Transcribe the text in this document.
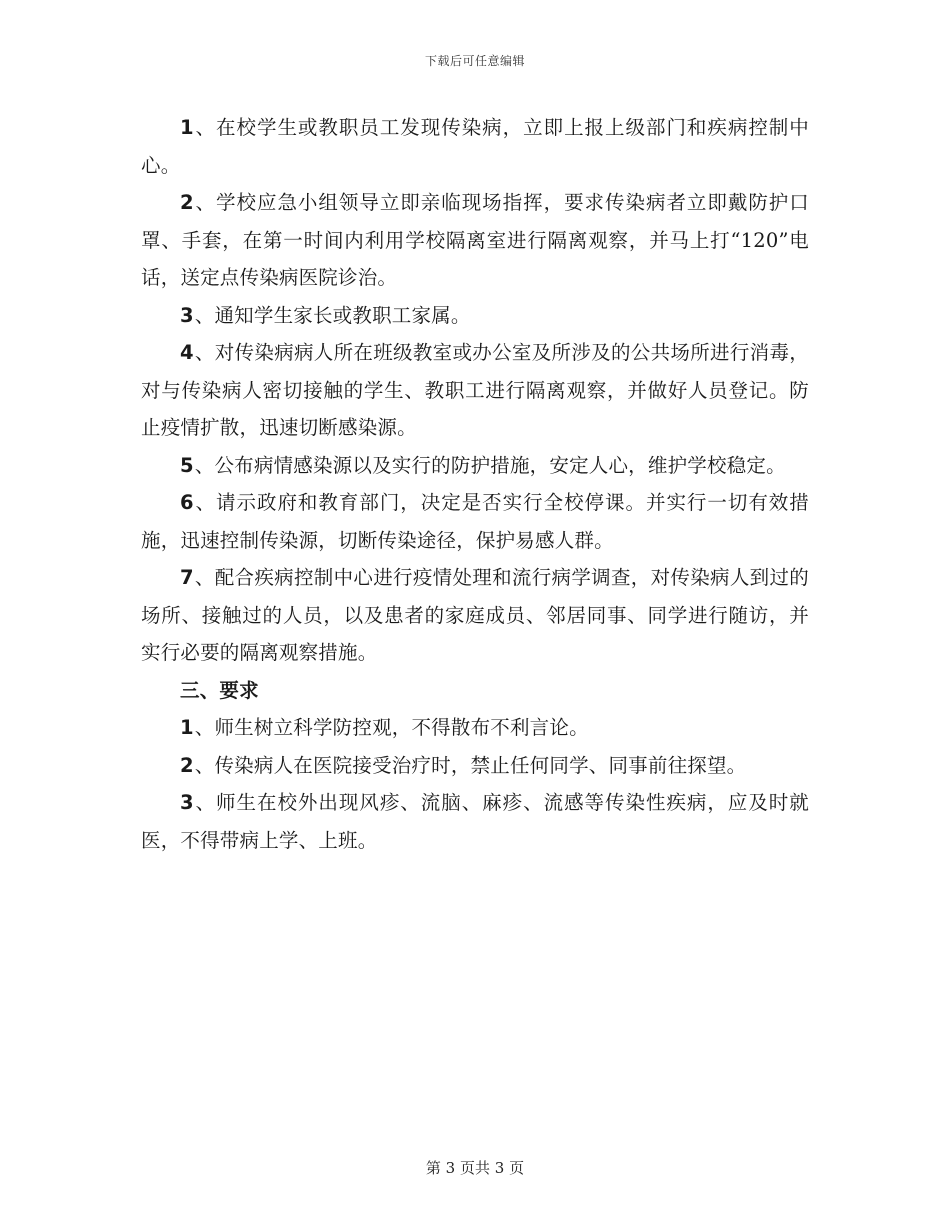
下载后可任意编辑

1、在校学生或教职员工发现传染病，立即上报上级部门和疾病控制中心。

2、学校应急小组领导立即亲临现场指挥，要求传染病者立即戴防护口罩、手套，在第一时间内利用学校隔离室进行隔离观察，并马上打“120”电话，送定点传染病医院诊治。

3、通知学生家长或教职工家属。

4、对传染病病人所在班级教室或办公室及所涉及的公共场所进行消毒，对与传染病人密切接触的学生、教职工进行隔离观察，并做好人员登记。防止疫情扩散，迅速切断感染源。

5、公布病情感染源以及实行的防护措施，安定人心，维护学校稳定。

6、请示政府和教育部门，决定是否实行全校停课。并实行一切有效措施，迅速控制传染源，切断传染途径，保护易感人群。

7、配合疾病控制中心进行疫情处理和流行病学调查，对传染病人到过的场所、接触过的人员，以及患者的家庭成员、邻居同事、同学进行随访，并实行必要的隔离观察措施。

三、要求

1、师生树立科学防控观，不得散布不利言论。

2、传染病人在医院接受治疗时，禁止任何同学、同事前往探望。

3、师生在校外出现风疹、流脑、麻疹、流感等传染性疾病，应及时就医，不得带病上学、上班。

第 3 页共 3 页
